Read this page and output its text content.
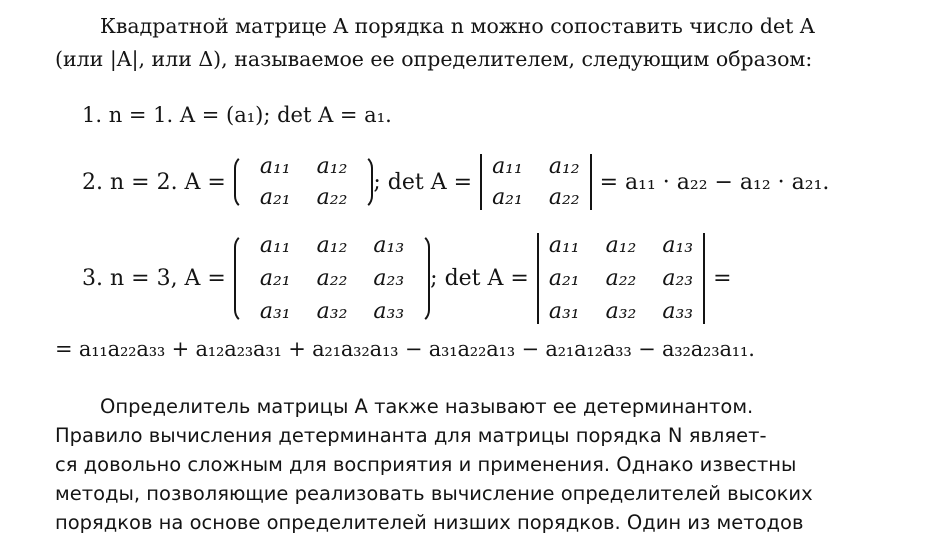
Квадратной матрице A порядка n можно сопоставить число det A
(или |A|, или Δ), называемое ее определителем, следующим образом:
1. n = 1. A = (a₁); det A = a₁.
2. n = 2. A =
a₁₁ a₁₂
a₂₁ a₂₂
; det A =
a₁₁ a₁₂
a₂₁ a₂₂
= a₁₁ · a₂₂ − a₁₂ · a₂₁.
3. n = 3, A =
a₁₁ a₁₂ a₁₃
a₂₁ a₂₂ a₂₃
a₃₁ a₃₂ a₃₃
; det A =
a₁₁ a₁₂ a₁₃
a₂₁ a₂₂ a₂₃
a₃₁ a₃₂ a₃₃
=
= a₁₁a₂₂a₃₃ + a₁₂a₂₃a₃₁ + a₂₁a₃₂a₁₃ − a₃₁a₂₂a₁₃ − a₂₁a₁₂a₃₃ − a₃₂a₂₃a₁₁.
Определитель матрицы A также называют ее детерминантом.
Правило вычисления детерминанта для матрицы порядка N являет-
ся довольно сложным для восприятия и применения. Однако известны
методы, позволяющие реализовать вычисление определителей высоких
порядков на основе определителей низших порядков. Один из методов
